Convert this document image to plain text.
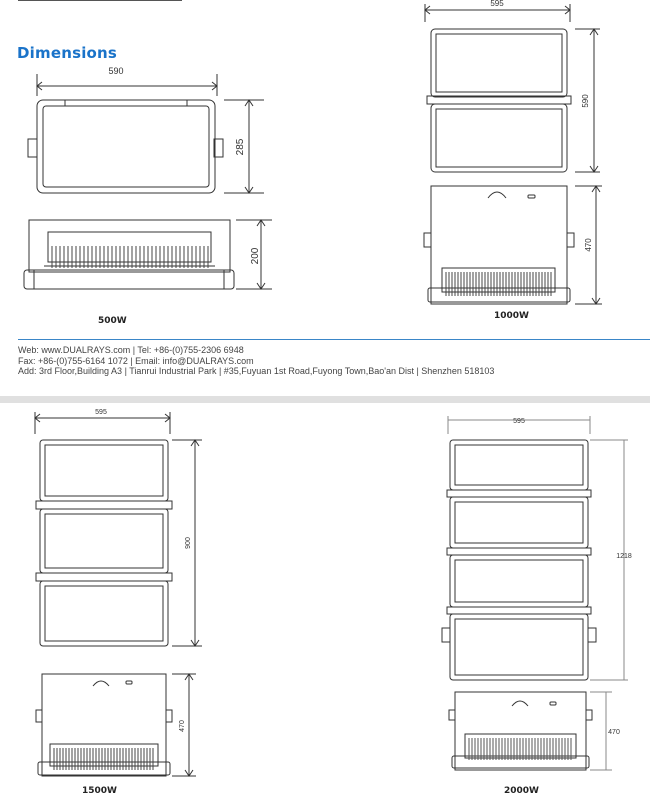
Dimensions
590
285
200
500W
595
590
470
1000W
Web: www.DUALRAYS.com | Tel: +86-(0)755-2306 6948
Fax: +86-(0)755-6164 1072 | Email: info@DUALRAYS.com
Add: 3rd Floor,Building A3 | Tianrui Industrial Park | #35,Fuyuan 1st Road,Fuyong Town,Bao'an Dist | Shenzhen 518103
595
900
470
1500W
595
1218
470
2000W
